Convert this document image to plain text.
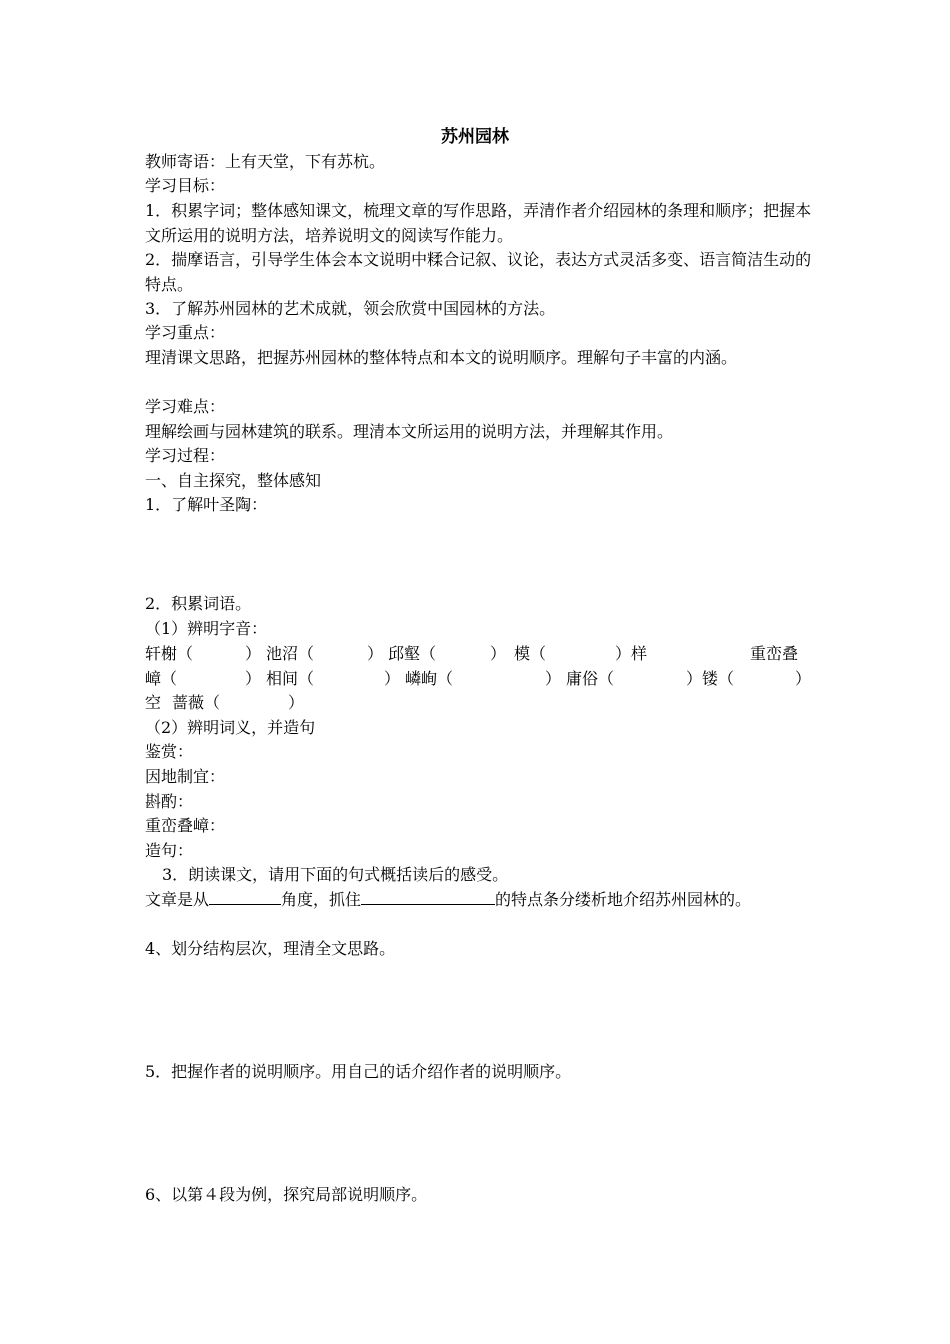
苏州园林
教师寄语：上有天堂，下有苏杭。
学习目标：
1．积累字词；整体感知课文，梳理文章的写作思路，弄清作者介绍园林的条理和顺序；把握本文所运用的说明方法，培养说明文的阅读写作能力。
2．揣摩语言，引导学生体会本文说明中糅合记叙、议论，表达方式灵活多变、语言简洁生动的特点。
3．了解苏州园林的艺术成就，领会欣赏中国园林的方法。
学习重点：
理清课文思路，把握苏州园林的整体特点和本文的说明顺序。理解句子丰富的内涵。
学习难点：
理解绘画与园林建筑的联系。理清本文所运用的说明方法，并理解其作用。
学习过程：
一、自主探究，整体感知
1．了解叶圣陶：
2．积累词语。
（1）辨明字音：
轩榭（	） 池沼（	） 邱壑（	） 模（	）样	重峦叠
嶂（	） 相间（	） 嶙峋（	） 庸俗（	）镂（	）
空 蔷薇（	）
（2）辨明词义，并造句
鉴赏：
因地制宜：
斟酌：
重峦叠嶂：
造句：
3．朗读课文，请用下面的句式概括读后的感受。
文章是从	角度，抓住	的特点条分缕析地介绍苏州园林的。
4、划分结构层次，理清全文思路。
5．把握作者的说明顺序。用自己的话介绍作者的说明顺序。
6、以第４段为例，探究局部说明顺序。
